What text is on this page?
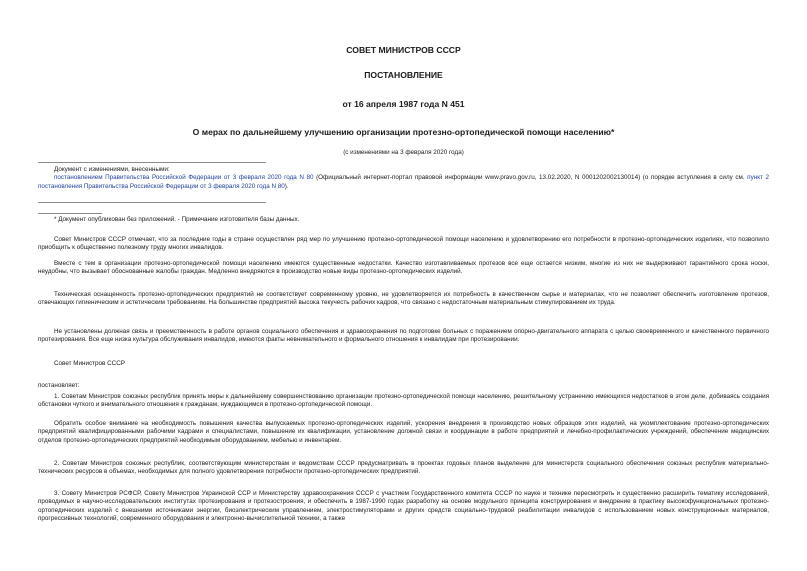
СОВЕТ МИНИСТРОВ СССР
ПОСТАНОВЛЕНИЕ
от 16 апреля 1987 года N 451
О мерах по дальнейшему улучшению организации протезно-ортопедической помощи населению*
(с изменениями на 3 февраля 2020 года)

Документ с изменениями, внесенными:

постановлением Правительства Российской Федерации от 3 февраля 2020 года N 80 (Официальный интернет-портал правовой информации www.pravo.gov.ru, 13.02.2020, N 0001202002130014) (о порядке вступления в силу см. пункт 2 постановления Правительства Российской Федерации от 3 февраля 2020 года N 80).

* Документ опубликован без приложений. - Примечание изготовителя базы данных.

Совет Министров СССР отмечает, что за последние годы в стране осуществлен ряд мер по улучшению протезно-ортопедической помощи населению и удовлетворению его потребности в протезно-ортопедических изделиях, что позволило приобщить к общественно полезному труду многих инвалидов.

Вместе с тем в организации протезно-ортопедической помощи населению имеются существенные недостатки. Качество изготавливаемых протезов все еще остается низким, многие из них не выдерживают гарантийного срока носки, неудобны, что вызывает обоснованные жалобы граждан. Медленно внедряются в производство новые виды протезно-ортопедических изделий.

Техническая оснащенность протезно-ортопедических предприятий не соответствует современному уровню, не удовлетворяется их потребность в качественном сырье и материалах, что не позволяет обеспечить изготовление протезов, отвечающих гигиеническим и эстетическим требованиям. На большинстве предприятий высока текучесть рабочих кадров, что связано с недостаточным материальным стимулированием их труда.

Не установлены должная связь и преемственность в работе органов социального обеспечения и здравоохранения по подготовке больных с поражением опорно-двигательного аппарата с целью своевременного и качественного первичного протезирования. Все еще низка культура обслуживания инвалидов, имеются факты невнимательного и формального отношения к инвалидам при протезировании.

Совет Министров СССР

постановляет:

1. Советам Министров союзных республик принять меры к дальнейшему совершенствованию организации протезно-ортопедической помощи населению, решительному устранению имеющихся недостатков в этом деле, добиваясь создания обстановки чуткого и внимательного отношения к гражданам, нуждающимся в протезно-ортопедической помощи.

Обратить особое внимание на необходимость повышения качества выпускаемых протезно-ортопедических изделий, ускорения внедрения в производство новых образцов этих изделий, на укомплектование протезно-ортопедических предприятий квалифицированными рабочими кадрами и специалистами, повышение их квалификации, установление должной связи и координации в работе предприятий и лечебно-профилактических учреждений, обеспечение медицинских отделов протезно-ортопедических предприятий необходимым оборудованием, мебелью и инвентарем.

2. Советам Министров союзных республик, соответствующим министерствам и ведомствам СССР предусматривать в проектах годовых планов выделение для министерств социального обеспечения союзных республик материально-технических ресурсов в объемах, необходимых для полного удовлетворения потребности протезно-ортопедических предприятий.

3. Совету Министров РСФСР, Совету Министров Украинской ССР и Министерству здравоохранения СССР с участием Государственного комитета СССР по науке и технике пересмотреть и существенно расширить тематику исследований, проводимых в научно-исследовательских институтах протезирования и протезостроения, и обеспечить в 1987-1990 годах разработку на основе модульного принципа конструирования и внедрение в практику высокофункциональных протезно-ортопедических изделий с внешними источниками энергии, биоэлектрическим управлением, электростимуляторами и других средств социально-трудовой реабилитации инвалидов с использованием новых конструкционных материалов, прогрессивных технологий, современного оборудования и электронно-вычислительной техники, а также
